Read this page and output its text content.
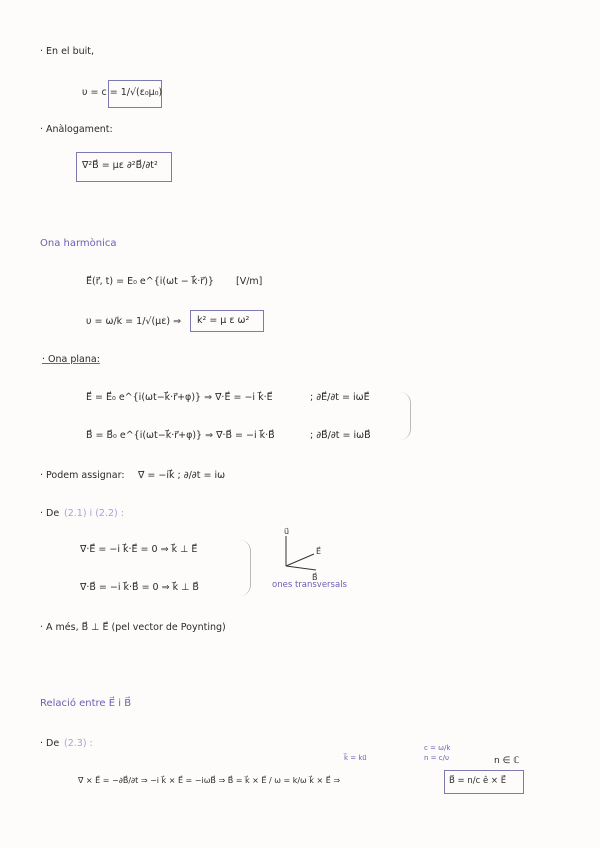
· En el buit,
υ = c = 1/√(ε₀μ₀)
· Anàlogament:
∇²B⃗ = με ∂²B⃗/∂t²
Ona harmònica
E⃗(r⃗, t) = E₀ e^{i(ωt − k⃗·r⃗)} [V/m]
υ = ω/k = 1/√(με) ⇒ k² = μ ε ω²
· Ona plana:
E⃗ = E⃗₀ e^{i(ωt−k⃗·r⃗+φ)} ⇒ ∇⃗·E⃗ = −i k⃗·E⃗	; ∂E⃗/∂t = iωE⃗
B⃗ = B⃗₀ e^{i(ωt−k⃗·r⃗+φ)} ⇒ ∇⃗·B⃗ = −i k⃗·B⃗	; ∂B⃗/∂t = iωB⃗
· Podem assignar: ∇⃗ = −ik⃗ ; ∂/∂t = iω
· De (2.1) i (2.2) :
∇⃗·E⃗ = −i k⃗·E⃗ = 0 ⇒ k⃗ ⊥ E⃗
∇⃗·B⃗ = −i k⃗·B⃗ = 0 ⇒ k⃗ ⊥ B⃗
u⃗
E⃗
B⃗
ones transversals
· A més, B⃗ ⊥ E⃗ (pel vector de Poynting)
Relació entre E⃗ i B⃗
· De (2.3) :
k⃗ = ku⃗
c = ω/k
n = c/υ	n ∈ ℂ
∇⃗ × E⃗ = −∂B⃗/∂t ⇒ −i k⃗ × E⃗ = −iωB⃗ ⇒ B⃗ = k⃗ × E⃗ / ω = k/ω k⃗ × E⃗ ⇒	B⃗ = n/c ê × E⃗
